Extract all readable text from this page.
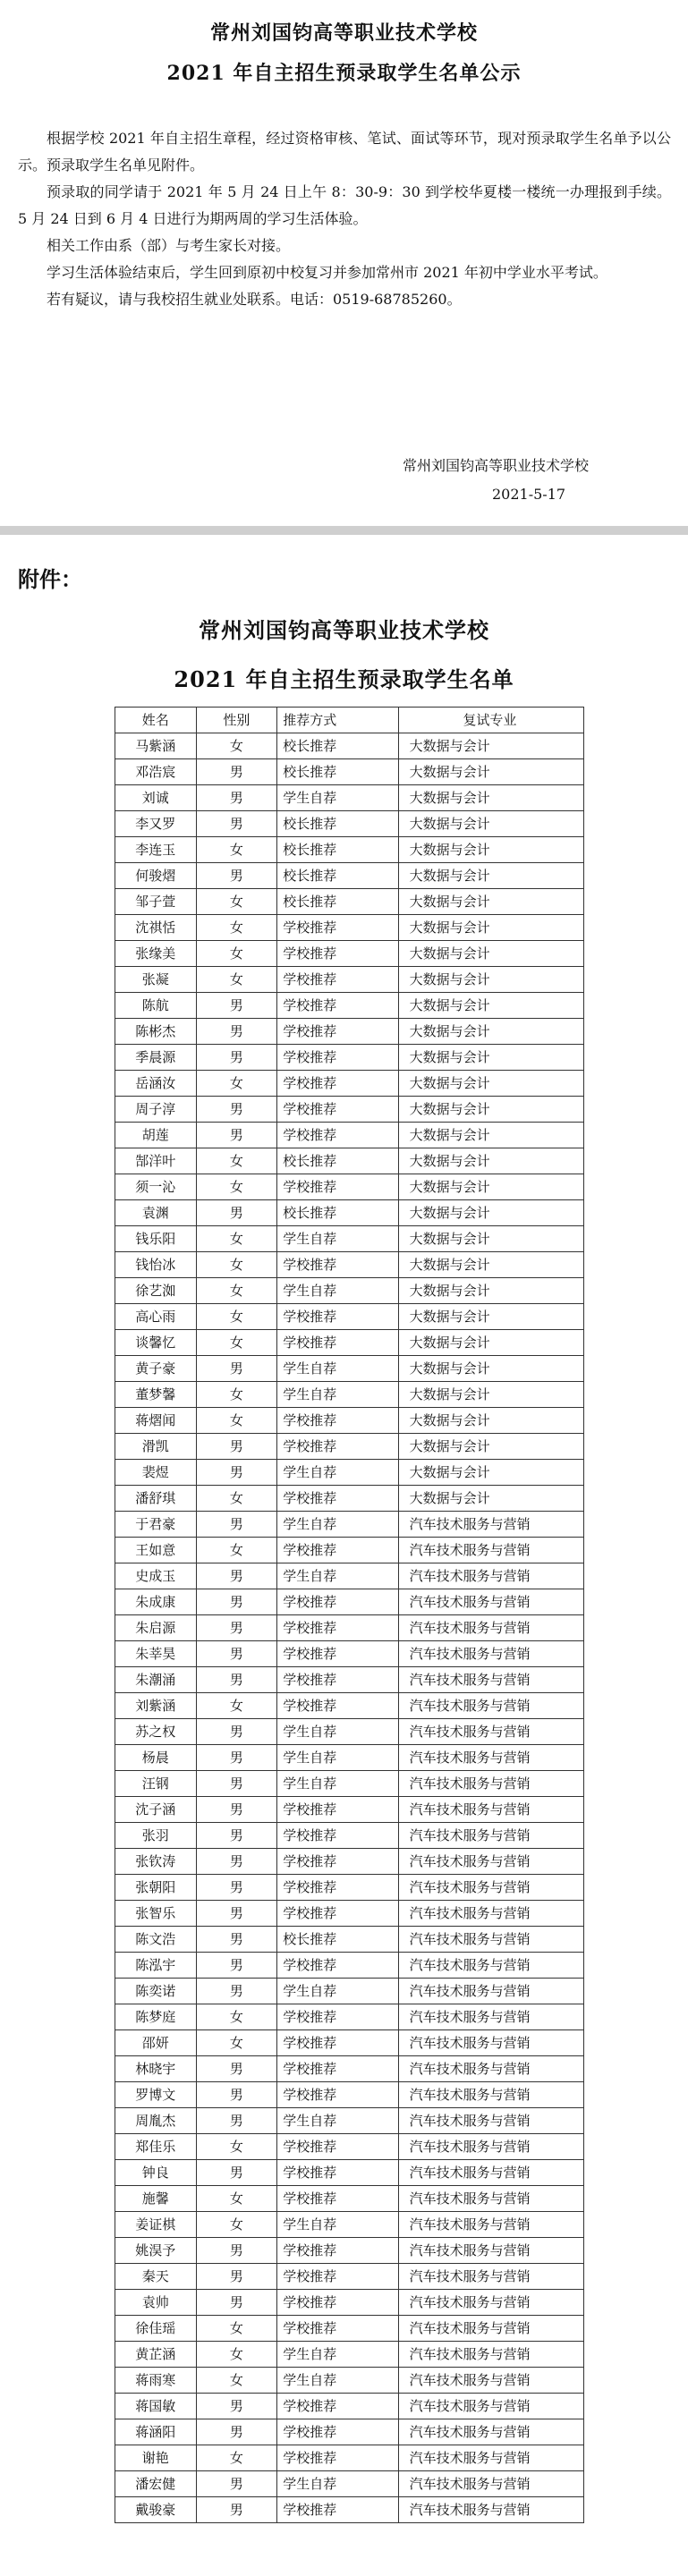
常州刘国钧高等职业技术学校
2021 年自主招生预录取学生名单公示

根据学校 2021 年自主招生章程，经过资格审核、笔试、面试等环节，现对预录取学生名单予以公示。预录取学生名单见附件。

预录取的同学请于 2021 年 5 月 24 日上午 8：30-9：30 到学校华夏楼一楼统一办理报到手续。5 月 24 日到 6 月 4 日进行为期两周的学习生活体验。

相关工作由系（部）与考生家长对接。

学习生活体验结束后，学生回到原初中校复习并参加常州市 2021 年初中学业水平考试。

若有疑议，请与我校招生就业处联系。电话：0519-68785260。

常州刘国钧高等职业技术学校
2021-5-17
附件：
常州刘国钧高等职业技术学校
2021 年自主招生预录取学生名单
姓名	性别	推荐方式	复试专业
马紫涵	女	校长推荐	大数据与会计
邓浩宸	男	校长推荐	大数据与会计
刘诚	男	学生自荐	大数据与会计
李又罗	男	校长推荐	大数据与会计
李连玉	女	校长推荐	大数据与会计
何骏熠	男	校长推荐	大数据与会计
邹子萱	女	校长推荐	大数据与会计
沈祺恬	女	学校推荐	大数据与会计
张缘美	女	学校推荐	大数据与会计
张凝	女	学校推荐	大数据与会计
陈航	男	学校推荐	大数据与会计
陈彬杰	男	学校推荐	大数据与会计
季晨源	男	学校推荐	大数据与会计
岳涵汝	女	学校推荐	大数据与会计
周子淳	男	学校推荐	大数据与会计
胡莲	男	学校推荐	大数据与会计
郜洋叶	女	校长推荐	大数据与会计
须一沁	女	学校推荐	大数据与会计
袁渊	男	校长推荐	大数据与会计
钱乐阳	女	学生自荐	大数据与会计
钱怡冰	女	学校推荐	大数据与会计
徐艺洳	女	学生自荐	大数据与会计
高心雨	女	学校推荐	大数据与会计
谈馨忆	女	学校推荐	大数据与会计
黄子豪	男	学生自荐	大数据与会计
董梦馨	女	学生自荐	大数据与会计
蒋熠闻	女	学校推荐	大数据与会计
滑凯	男	学校推荐	大数据与会计
裴煜	男	学生自荐	大数据与会计
潘舒琪	女	学校推荐	大数据与会计
于君豪	男	学生自荐	汽车技术服务与营销
王如意	女	学校推荐	汽车技术服务与营销
史成玉	男	学生自荐	汽车技术服务与营销
朱成康	男	学校推荐	汽车技术服务与营销
朱启源	男	学校推荐	汽车技术服务与营销
朱莘昊	男	学校推荐	汽车技术服务与营销
朱潮涌	男	学校推荐	汽车技术服务与营销
刘紫涵	女	学校推荐	汽车技术服务与营销
苏之权	男	学生自荐	汽车技术服务与营销
杨晨	男	学生自荐	汽车技术服务与营销
汪钢	男	学生自荐	汽车技术服务与营销
沈子涵	男	学校推荐	汽车技术服务与营销
张羽	男	学校推荐	汽车技术服务与营销
张钦涛	男	学校推荐	汽车技术服务与营销
张朝阳	男	学校推荐	汽车技术服务与营销
张智乐	男	学校推荐	汽车技术服务与营销
陈文浩	男	校长推荐	汽车技术服务与营销
陈泓宇	男	学校推荐	汽车技术服务与营销
陈奕诺	男	学生自荐	汽车技术服务与营销
陈梦庭	女	学校推荐	汽车技术服务与营销
邵妍	女	学校推荐	汽车技术服务与营销
林晓宇	男	学校推荐	汽车技术服务与营销
罗博文	男	学校推荐	汽车技术服务与营销
周胤杰	男	学生自荐	汽车技术服务与营销
郑佳乐	女	学校推荐	汽车技术服务与营销
钟良	男	学校推荐	汽车技术服务与营销
施馨	女	学校推荐	汽车技术服务与营销
姜证棋	女	学生自荐	汽车技术服务与营销
姚淏予	男	学校推荐	汽车技术服务与营销
秦天	男	学校推荐	汽车技术服务与营销
袁帅	男	学校推荐	汽车技术服务与营销
徐佳瑶	女	学校推荐	汽车技术服务与营销
黄芷涵	女	学生自荐	汽车技术服务与营销
蒋雨寒	女	学生自荐	汽车技术服务与营销
蒋国敏	男	学校推荐	汽车技术服务与营销
蒋涵阳	男	学校推荐	汽车技术服务与营销
谢艳	女	学校推荐	汽车技术服务与营销
潘宏健	男	学生自荐	汽车技术服务与营销
戴骏豪	男	学校推荐	汽车技术服务与营销
